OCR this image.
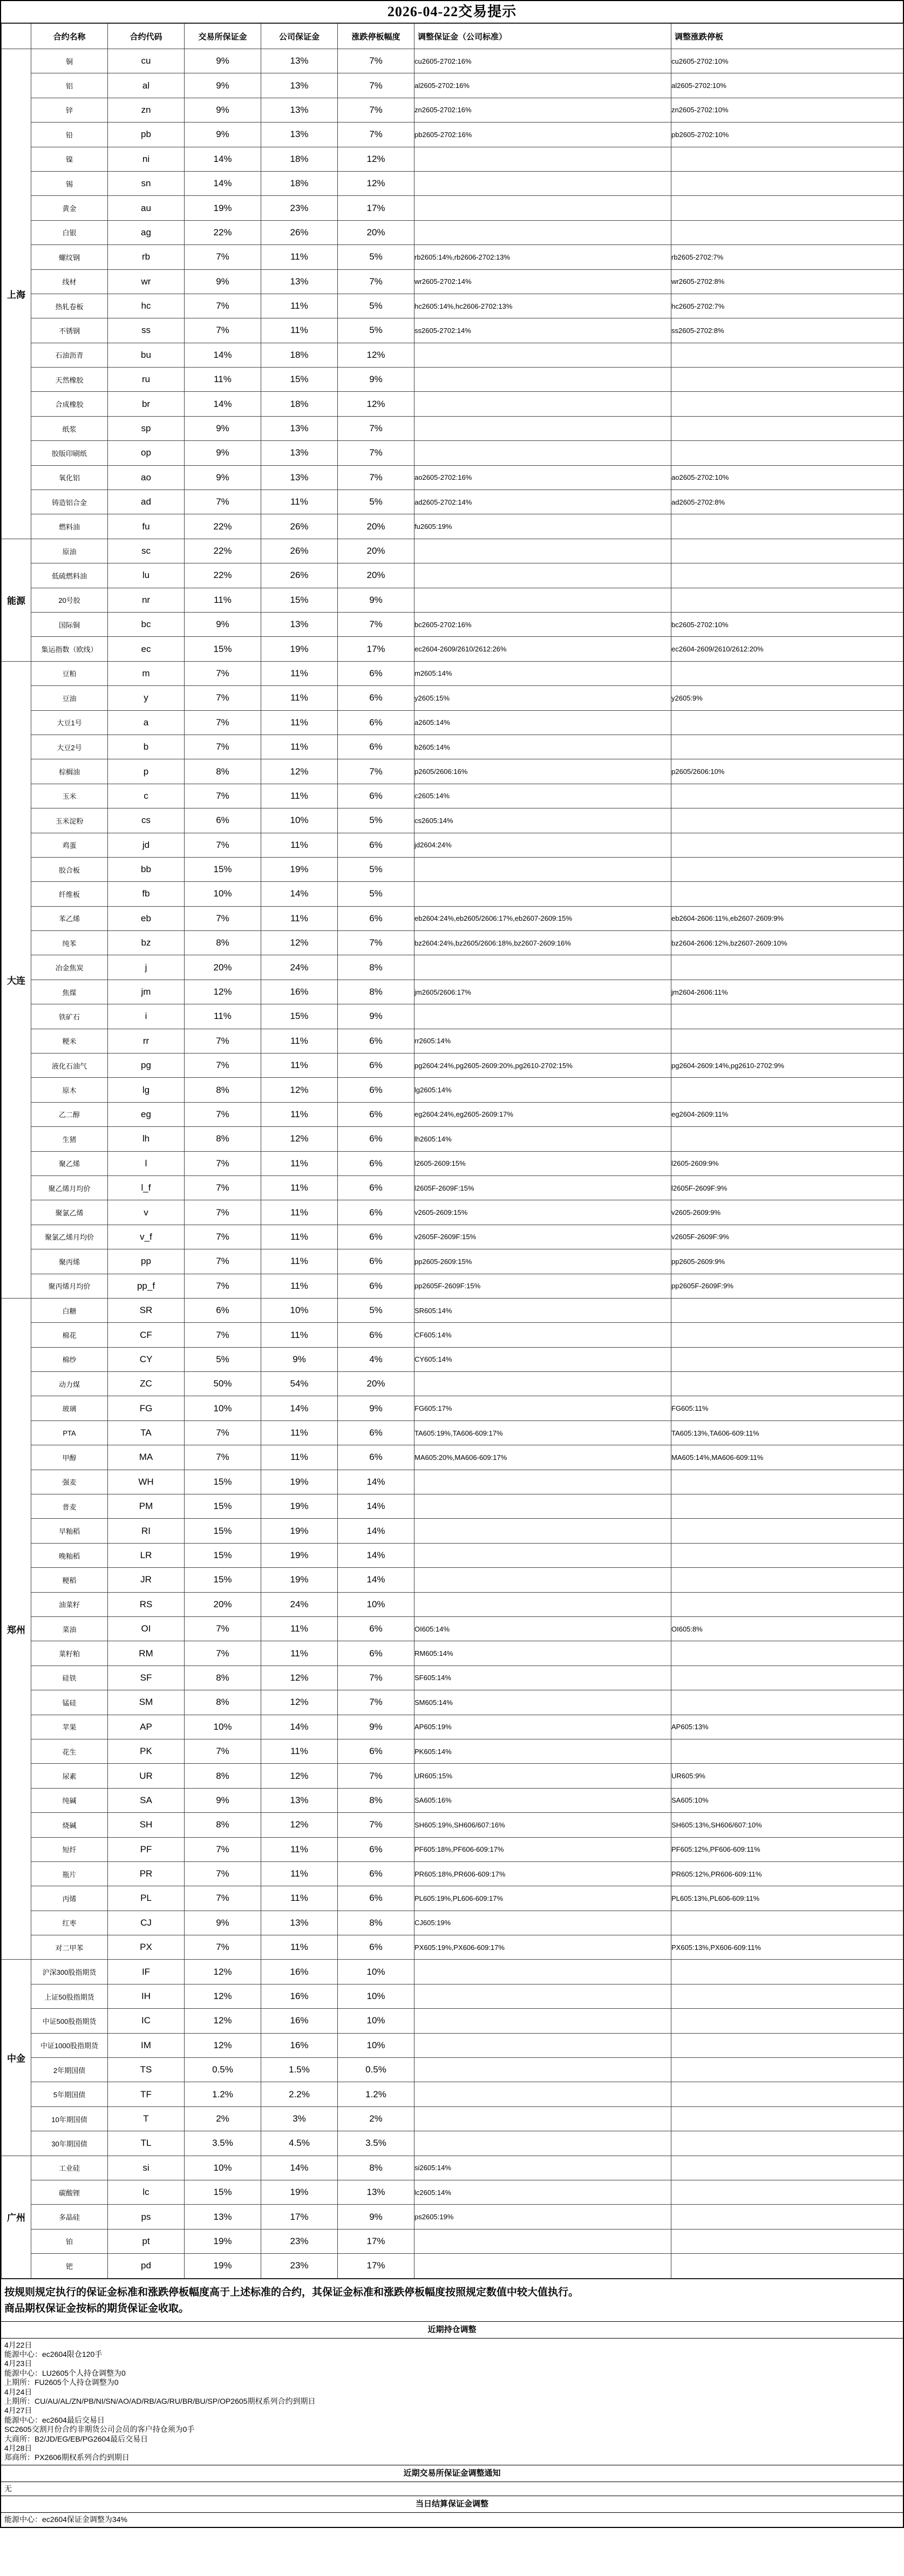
2026-04-22交易提示
	合约名称	合约代码	交易所保证金	公司保证金	涨跌停板幅度	调整保证金（公司标准）	调整涨跌停板
上海	铜	cu	9%	13%	7%	cu2605-2702:16%	cu2605-2702:10%
	铝	al	9%	13%	7%	al2605-2702:16%	al2605-2702:10%
	锌	zn	9%	13%	7%	zn2605-2702:16%	zn2605-2702:10%
	铅	pb	9%	13%	7%	pb2605-2702:16%	pb2605-2702:10%
	镍	ni	14%	18%	12%		
	锡	sn	14%	18%	12%		
	黄金	au	19%	23%	17%		
	白银	ag	22%	26%	20%		
	螺纹钢	rb	7%	11%	5%	rb2605:14%,rb2606-2702:13%	rb2605-2702:7%
	线材	wr	9%	13%	7%	wr2605-2702:14%	wr2605-2702:8%
	热轧卷板	hc	7%	11%	5%	hc2605:14%,hc2606-2702:13%	hc2605-2702:7%
	不锈钢	ss	7%	11%	5%	ss2605-2702:14%	ss2605-2702:8%
	石油沥青	bu	14%	18%	12%		
	天然橡胶	ru	11%	15%	9%		
	合成橡胶	br	14%	18%	12%		
	纸浆	sp	9%	13%	7%		
	胶版印刷纸	op	9%	13%	7%		
	氧化铝	ao	9%	13%	7%	ao2605-2702:16%	ao2605-2702:10%
	铸造铝合金	ad	7%	11%	5%	ad2605-2702:14%	ad2605-2702:8%
	燃料油	fu	22%	26%	20%	fu2605:19%	
能源	原油	sc	22%	26%	20%		
	低硫燃料油	lu	22%	26%	20%		
	20号胶	nr	11%	15%	9%		
	国际铜	bc	9%	13%	7%	bc2605-2702:16%	bc2605-2702:10%
	集运指数（欧线）	ec	15%	19%	17%	ec2604-2609/2610/2612:26%	ec2604-2609/2610/2612:20%
大连	豆粕	m	7%	11%	6%	m2605:14%	
	豆油	y	7%	11%	6%	y2605:15%	y2605:9%
	大豆1号	a	7%	11%	6%	a2605:14%	
	大豆2号	b	7%	11%	6%	b2605:14%	
	棕榈油	p	8%	12%	7%	p2605/2606:16%	p2605/2606:10%
	玉米	c	7%	11%	6%	c2605:14%	
	玉米淀粉	cs	6%	10%	5%	cs2605:14%	
	鸡蛋	jd	7%	11%	6%	jd2604:24%	
	胶合板	bb	15%	19%	5%		
	纤维板	fb	10%	14%	5%		
	苯乙烯	eb	7%	11%	6%	eb2604:24%,eb2605/2606:17%,eb2607-2609:15%	eb2604-2606:11%,eb2607-2609:9%
	纯苯	bz	8%	12%	7%	bz2604:24%,bz2605/2606:18%,bz2607-2609:16%	bz2604-2606:12%,bz2607-2609:10%
	冶金焦炭	j	20%	24%	8%		
	焦煤	jm	12%	16%	8%	jm2605/2606:17%	jm2604-2606:11%
	铁矿石	i	11%	15%	9%		
	粳米	rr	7%	11%	6%	rr2605:14%	
	液化石油气	pg	7%	11%	6%	pg2604:24%,pg2605-2609:20%,pg2610-2702:15%	pg2604-2609:14%,pg2610-2702:9%
	原木	lg	8%	12%	6%	lg2605:14%	
	乙二醇	eg	7%	11%	6%	eg2604:24%,eg2605-2609:17%	eg2604-2609:11%
	生猪	lh	8%	12%	6%	lh2605:14%	
	聚乙烯	l	7%	11%	6%	l2605-2609:15%	l2605-2609:9%
	聚乙烯月均价	l_f	7%	11%	6%	l2605F-2609F:15%	l2605F-2609F:9%
	聚氯乙烯	v	7%	11%	6%	v2605-2609:15%	v2605-2609:9%
	聚氯乙烯月均价	v_f	7%	11%	6%	v2605F-2609F:15%	v2605F-2609F:9%
	聚丙烯	pp	7%	11%	6%	pp2605-2609:15%	pp2605-2609:9%
	聚丙烯月均价	pp_f	7%	11%	6%	pp2605F-2609F:15%	pp2605F-2609F:9%
郑州	白糖	SR	6%	10%	5%	SR605:14%	
	棉花	CF	7%	11%	6%	CF605:14%	
	棉纱	CY	5%	9%	4%	CY605:14%	
	动力煤	ZC	50%	54%	20%		
	玻璃	FG	10%	14%	9%	FG605:17%	FG605:11%
	PTA	TA	7%	11%	6%	TA605:19%,TA606-609:17%	TA605:13%,TA606-609:11%
	甲醇	MA	7%	11%	6%	MA605:20%,MA606-609:17%	MA605:14%,MA606-609:11%
	强麦	WH	15%	19%	14%		
	普麦	PM	15%	19%	14%		
	早籼稻	RI	15%	19%	14%		
	晚籼稻	LR	15%	19%	14%		
	粳稻	JR	15%	19%	14%		
	油菜籽	RS	20%	24%	10%		
	菜油	OI	7%	11%	6%	OI605:14%	OI605:8%
	菜籽粕	RM	7%	11%	6%	RM605:14%	
	硅铁	SF	8%	12%	7%	SF605:14%	
	锰硅	SM	8%	12%	7%	SM605:14%	
	苹果	AP	10%	14%	9%	AP605:19%	AP605:13%
	花生	PK	7%	11%	6%	PK605:14%	
	尿素	UR	8%	12%	7%	UR605:15%	UR605:9%
	纯碱	SA	9%	13%	8%	SA605:16%	SA605:10%
	烧碱	SH	8%	12%	7%	SH605:19%,SH606/607:16%	SH605:13%,SH606/607:10%
	短纤	PF	7%	11%	6%	PF605:18%,PF606-609:17%	PF605:12%,PF606-609:11%
	瓶片	PR	7%	11%	6%	PR605:18%,PR606-609:17%	PR605:12%,PR606-609:11%
	丙烯	PL	7%	11%	6%	PL605:19%,PL606-609:17%	PL605:13%,PL606-609:11%
	红枣	CJ	9%	13%	8%	CJ605:19%	
	对二甲苯	PX	7%	11%	6%	PX605:19%,PX606-609:17%	PX605:13%,PX606-609:11%
中金	沪深300股指期货	IF	12%	16%	10%		
	上证50股指期货	IH	12%	16%	10%		
	中证500股指期货	IC	12%	16%	10%		
	中证1000股指期货	IM	12%	16%	10%		
	2年期国债	TS	0.5%	1.5%	0.5%		
	5年期国债	TF	1.2%	2.2%	1.2%		
	10年期国债	T	2%	3%	2%		
	30年期国债	TL	3.5%	4.5%	3.5%		
广州	工业硅	si	10%	14%	8%	si2605:14%	
	碳酸锂	lc	15%	19%	13%	lc2605:14%	
	多晶硅	ps	13%	17%	9%	ps2605:19%	
	铂	pt	19%	23%	17%		
	钯	pd	19%	23%	17%		
按规则规定执行的保证金标准和涨跌停板幅度高于上述标准的合约，其保证金标准和涨跌停板幅度按照规定数值中较大值执行。
商品期权保证金按标的期货保证金收取。
近期持仓调整
4月22日
能源中心：ec2604限仓120手
4月23日
能源中心：LU2605个人持仓调整为0
上期所：FU2605个人持仓调整为0
4月24日
上期所：CU/AU/AL/ZN/PB/NI/SN/AO/AD/RB/AG/RU/BR/BU/SP/OP2605期权系列合约到期日
4月27日
能源中心：ec2604最后交易日
SC2605交割月份合约非期货公司会员的客户持仓须为0手
大商所：B2/JD/EG/EB/PG2604最后交易日
4月28日
郑商所：PX2606期权系列合约到期日
近期交易所保证金调整通知
无
当日结算保证金调整
能源中心：ec2604保证金调整为34%
